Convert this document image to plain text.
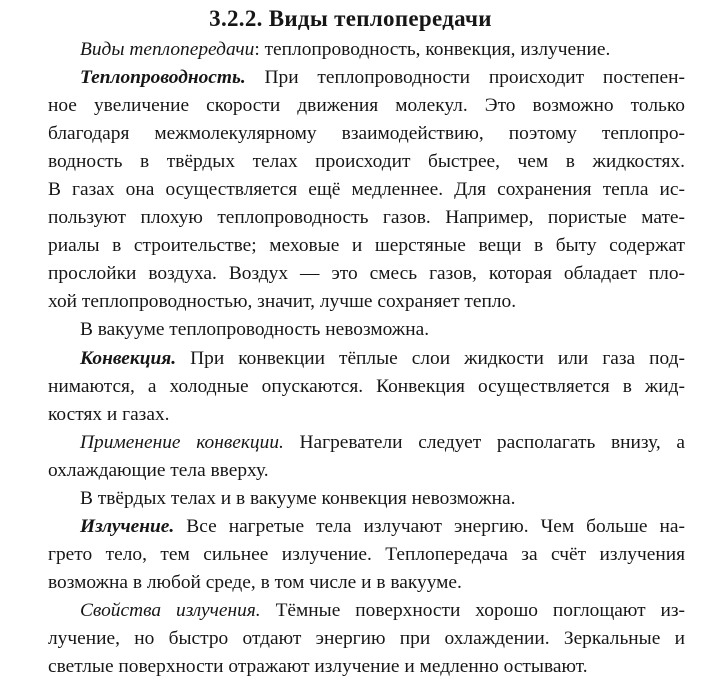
3.2.2. Виды теплопередачи
Виды теплопередачи: теплопроводность, конвекция, излучение.
Теплопроводность. При теплопроводности происходит постепен-
ное увеличение скорости движения молекул. Это возможно только
благодаря межмолекулярному взаимодействию, поэтому теплопро-
водность в твёрдых телах происходит быстрее, чем в жидкостях.
В газах она осуществляется ещё медленнее. Для сохранения тепла ис-
пользуют плохую теплопроводность газов. Например, пористые мате-
риалы в строительстве; меховые и шерстяные вещи в быту содержат
прослойки воздуха. Воздух — это смесь газов, которая обладает пло-
хой теплопроводностью, значит, лучше сохраняет тепло.
В вакууме теплопроводность невозможна.
Конвекция. При конвекции тёплые слои жидкости или газа под-
нимаются, а холодные опускаются. Конвекция осуществляется в жид-
костях и газах.
Применение конвекции. Нагреватели следует располагать внизу, а
охлаждающие тела вверху.
В твёрдых телах и в вакууме конвекция невозможна.
Излучение. Все нагретые тела излучают энергию. Чем больше на-
грето тело, тем сильнее излучение. Теплопередача за счёт излучения
возможна в любой среде, в том числе и в вакууме.
Свойства излучения. Тёмные поверхности хорошо поглощают из-
лучение, но быстро отдают энергию при охлаждении. Зеркальные и
светлые поверхности отражают излучение и медленно остывают.
